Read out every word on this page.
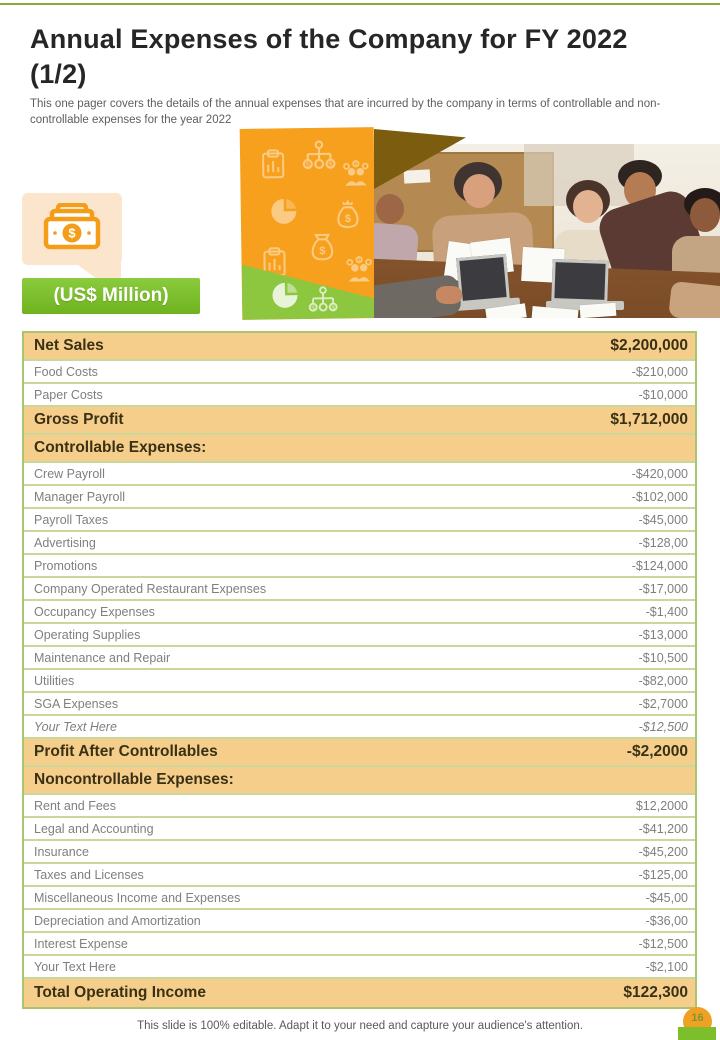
Annual Expenses of the Company for FY 2022 (1/2)
This one pager covers the details of the annual expenses that are incurred by the company in terms of controllable and non-controllable expenses for the year 2022
$
(US$ Million)
Net Sales	$2,200,000
Food Costs	-$210,000
Paper Costs	-$10,000
Gross Profit	$1,712,000
Controllable Expenses:
Crew Payroll	-$420,000
Manager Payroll	-$102,000
Payroll Taxes	-$45,000
Advertising	-$128,00
Promotions	-$124,000
Company Operated Restaurant Expenses	-$17,000
Occupancy Expenses	-$1,400
Operating Supplies	-$13,000
Maintenance and Repair	-$10,500
Utilities	-$82,000
SGA Expenses	-$2,7000
Your Text Here	-$12,500
Profit After Controllables	-$2,2000
Noncontrollable Expenses:
Rent and Fees	$12,2000
Legal and Accounting	-$41,200
Insurance	-$45,200
Taxes and Licenses	-$125,00
Miscellaneous Income and Expenses	-$45,00
Depreciation and Amortization	-$36,00
Interest Expense	-$12,500
Your Text Here	-$2,100
Total Operating Income	$122,300
This slide is 100% editable. Adapt it to your need and capture your audience's attention.
16
